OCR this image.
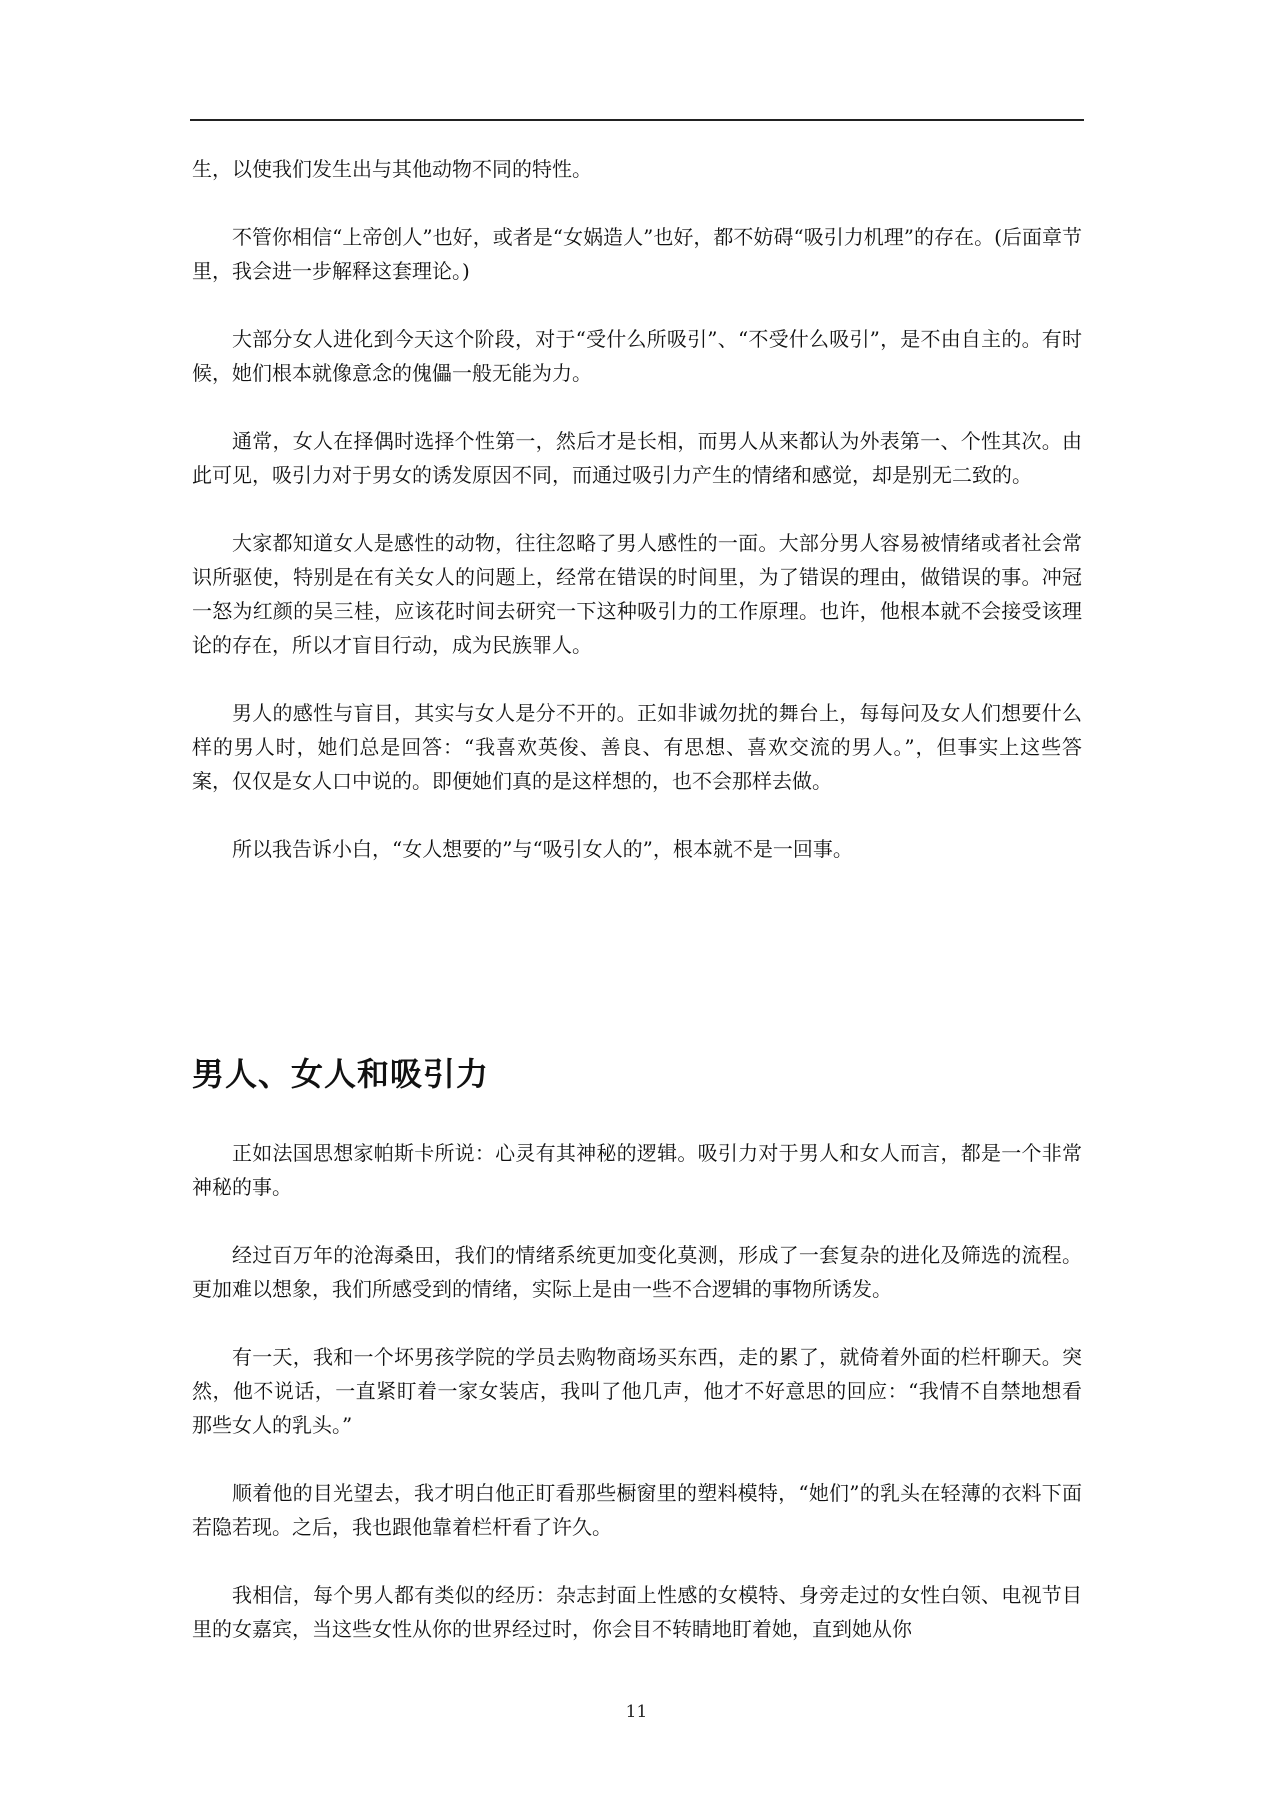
生，以使我们发生出与其他动物不同的特性。

不管你相信“上帝创人”也好，或者是“女娲造人”也好，都不妨碍“吸引力机理”的存在。(后面章节里，我会进一步解释这套理论。)

大部分女人进化到今天这个阶段，对于“受什么所吸引”、“不受什么吸引”，是不由自主的。有时候，她们根本就像意念的傀儡一般无能为力。

通常，女人在择偶时选择个性第一，然后才是长相，而男人从来都认为外表第一、个性其次。由此可见，吸引力对于男女的诱发原因不同，而通过吸引力产生的情绪和感觉，却是别无二致的。

大家都知道女人是感性的动物，往往忽略了男人感性的一面。大部分男人容易被情绪或者社会常识所驱使，特别是在有关女人的问题上，经常在错误的时间里，为了错误的理由，做错误的事。冲冠一怒为红颜的吴三桂，应该花时间去研究一下这种吸引力的工作原理。也许，他根本就不会接受该理论的存在，所以才盲目行动，成为民族罪人。

男人的感性与盲目，其实与女人是分不开的。正如非诚勿扰的舞台上，每每问及女人们想要什么样的男人时，她们总是回答：“我喜欢英俊、善良、有思想、喜欢交流的男人。”，但事实上这些答案，仅仅是女人口中说的。即便她们真的是这样想的，也不会那样去做。

所以我告诉小白，“女人想要的”与“吸引女人的”，根本就不是一回事。

男人、女人和吸引力

正如法国思想家帕斯卡所说：心灵有其神秘的逻辑。吸引力对于男人和女人而言，都是一个非常神秘的事。

经过百万年的沧海桑田，我们的情绪系统更加变化莫测，形成了一套复杂的进化及筛选的流程。更加难以想象，我们所感受到的情绪，实际上是由一些不合逻辑的事物所诱发。

有一天，我和一个坏男孩学院的学员去购物商场买东西，走的累了，就倚着外面的栏杆聊天。突然，他不说话，一直紧盯着一家女装店，我叫了他几声，他才不好意思的回应：“我情不自禁地想看那些女人的乳头。”

顺着他的目光望去，我才明白他正盯看那些橱窗里的塑料模特，“她们”的乳头在轻薄的衣料下面若隐若现。之后，我也跟他靠着栏杆看了许久。

我相信，每个男人都有类似的经历：杂志封面上性感的女模特、身旁走过的女性白领、电视节目里的女嘉宾，当这些女性从你的世界经过时，你会目不转睛地盯着她，直到她从你

11
